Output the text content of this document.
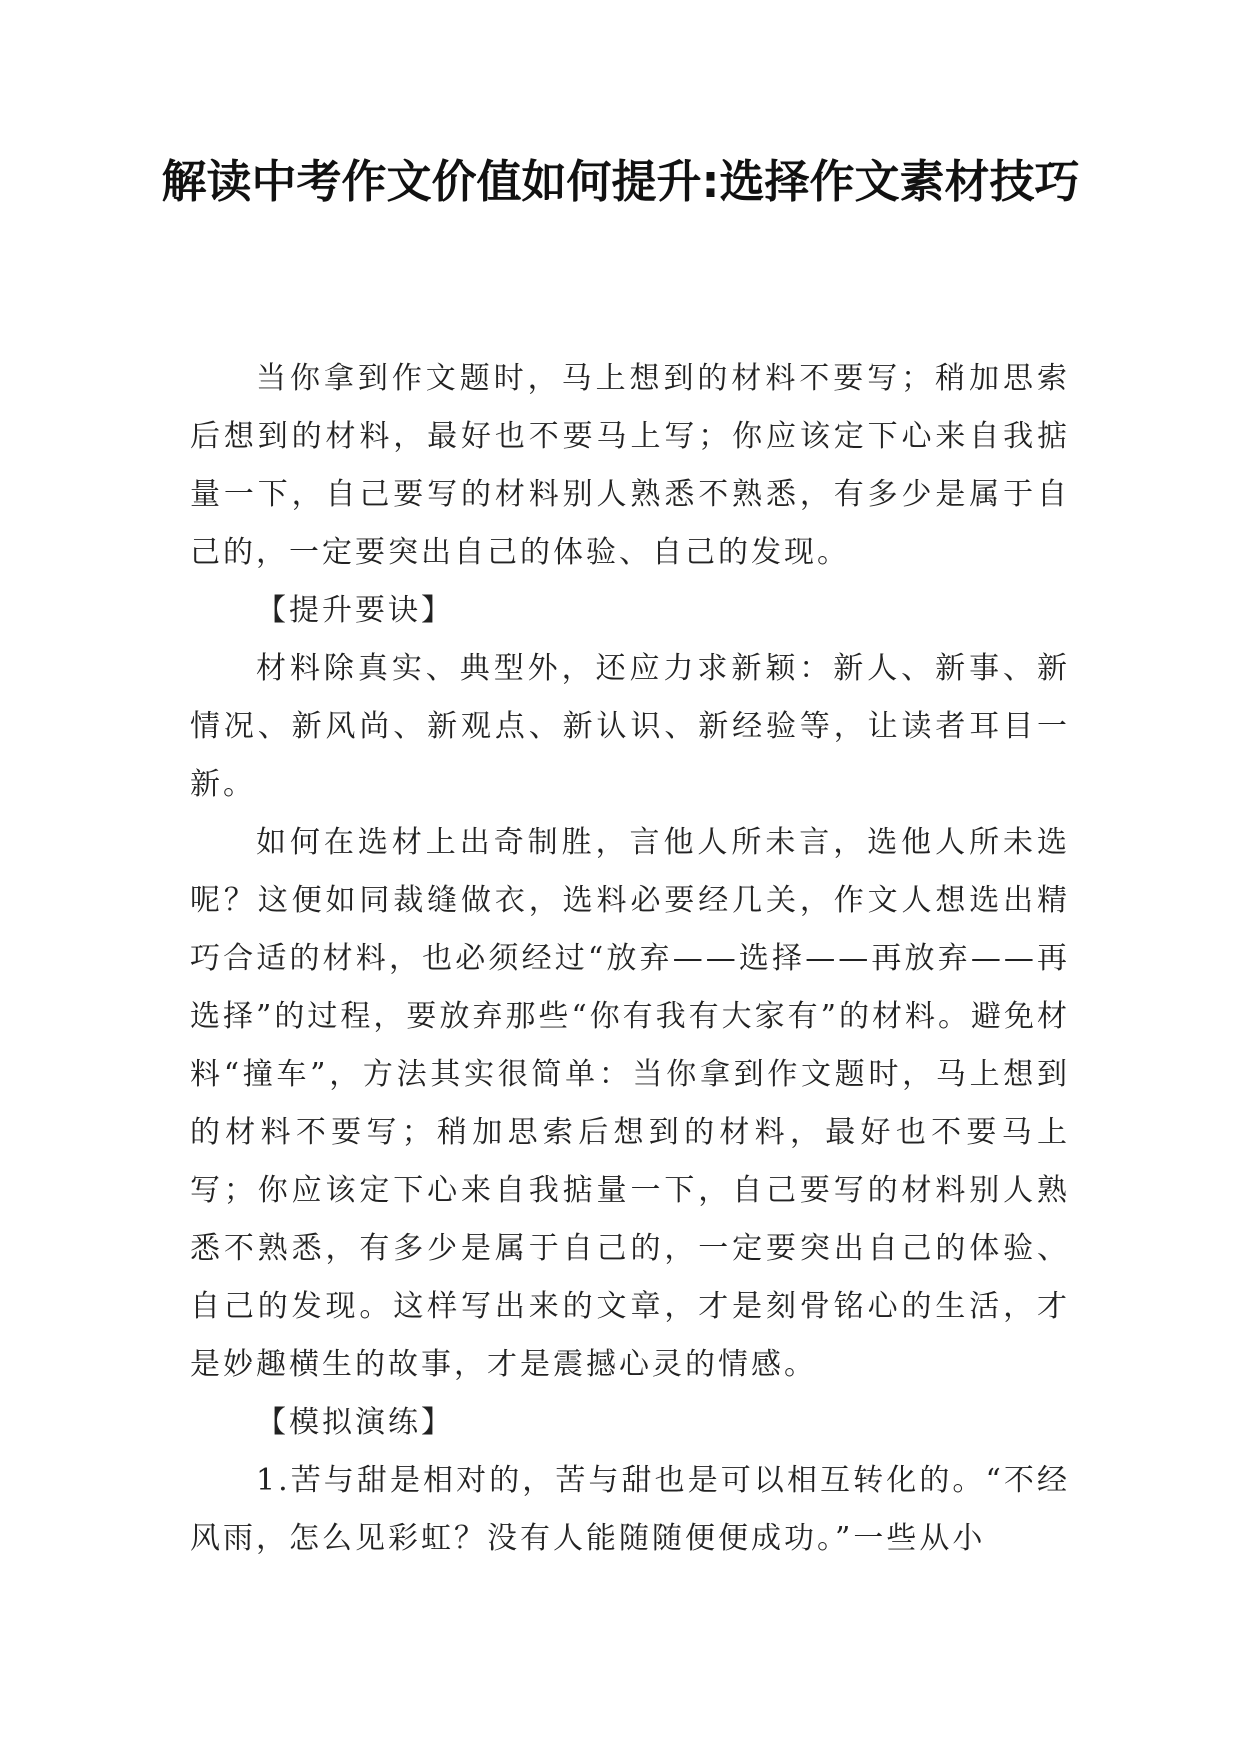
解读中考作文价值如何提升:选择作文素材技巧

当你拿到作文题时，马上想到的材料不要写；稍加思索后想到的材料，最好也不要马上写；你应该定下心来自我掂量一下，自己要写的材料别人熟悉不熟悉，有多少是属于自己的，一定要突出自己的体验、自己的发现。

【提升要诀】

材料除真实、典型外，还应力求新颖：新人、新事、新情况、新风尚、新观点、新认识、新经验等，让读者耳目一新。

如何在选材上出奇制胜，言他人所未言，选他人所未选呢？这便如同裁缝做衣，选料必要经几关，作文人想选出精巧合适的材料，也必须经过“放弃——选择——再放弃——再选择”的过程，要放弃那些“你有我有大家有”的材料。避免材料“撞车”，方法其实很简单：当你拿到作文题时，马上想到的材料不要写；稍加思索后想到的材料，最好也不要马上写；你应该定下心来自我掂量一下，自己要写的材料别人熟悉不熟悉，有多少是属于自己的，一定要突出自己的体验、自己的发现。这样写出来的文章，才是刻骨铭心的生活，才是妙趣横生的故事，才是震撼心灵的情感。

【模拟演练】

1.苦与甜是相对的，苦与甜也是可以相互转化的。“不经风雨，怎么见彩虹？没有人能随随便便成功。”一些从小
